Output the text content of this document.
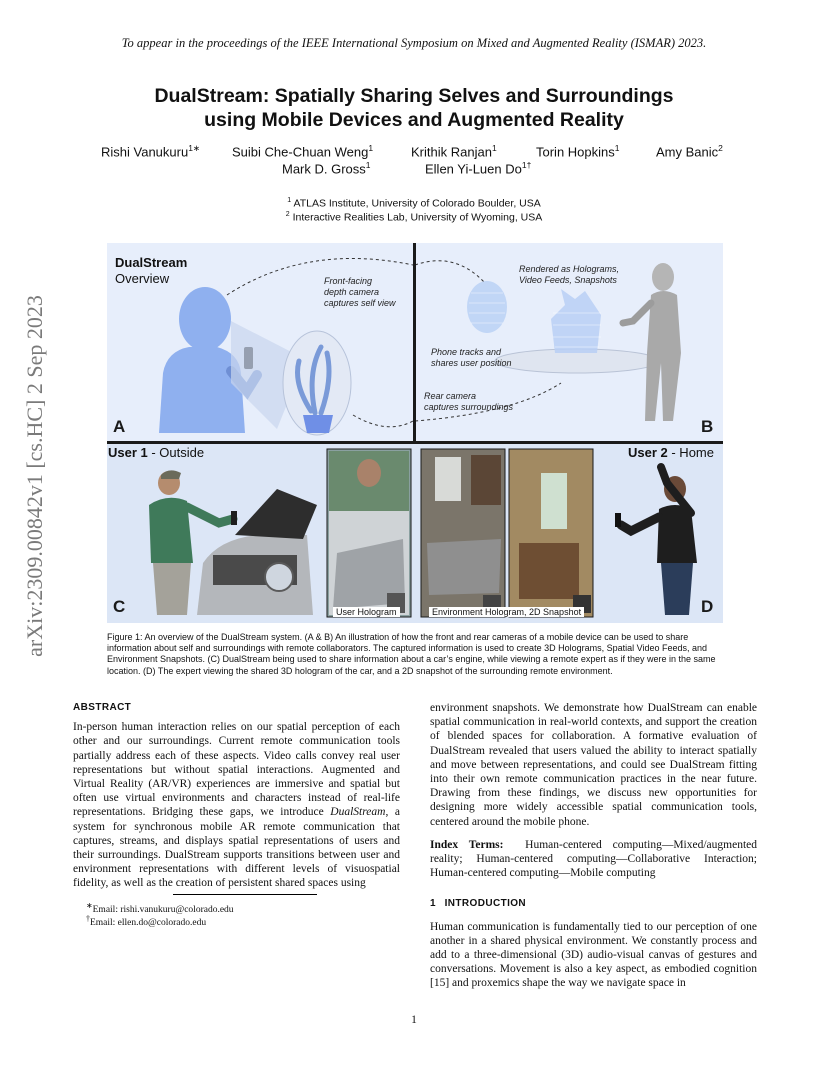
To appear in the proceedings of the IEEE International Symposium on Mixed and Augmented Reality (ISMAR) 2023.
DualStream: Spatially Sharing Selves and Surroundings
using Mobile Devices and Augmented Reality
Rishi Vanukuru$^{1∗}$ Suibi Che-Chuan Weng$^1$	Krithik Ranjan$^1$	Torin Hopkins$^1$	Amy Banic$^2$
Mark D. Gross$^1$	Ellen Yi-Luen $Do^{1\dagger}$
$^1$ ATLAS Institute, University of Colorado Boulder, USA
$^2$ Interactive Realities Lab, University of Wyoming, USA
arXiv:2309.00842v1 [cs.HC] 2 Sep 2023
DualStream
Overview	Front-facing
depth camera
captures self view
A
Rendered as Holograms,
Video Feeds, Snapshots
Phone tracks and
shares user position
Rear camera
captures surroundings
B
User 1 - Outside
C	User Hologram
User 2 - Home
D
Environment Hologram, 2D Snapshot
Figure 1: An overview of the DualStream system. (A & B) An illustration of how the front and rear cameras of a mobile device can be used to share information about self and surroundings with remote collaborators. The captured information is used to create 3D Holograms, Spatial Video Feeds, and Environment Snapshots. (C) DualStream being used to share information about a car’s engine, while viewing a remote expert as if they were in the same location. (D) The expert viewing the shared 3D hologram of the car, and a 2D snapshot of the surrounding remote environment.
ABSTRACT

In-person human interaction relies on our spatial perception of each other and our surroundings. Current remote communication tools partially address each of these aspects. Video calls convey real user representations but without spatial interactions. Augmented and Virtual Reality (AR/VR) experiences are immersive and spatial but often use virtual environments and characters instead of real-life representations. Bridging these gaps, we introduce DualStream, a system for synchronous mobile AR remote communication that captures, streams, and displays spatial representations of users and their surroundings. DualStream supports transitions between user and environment representations with different levels of visuospatial fidelity, as well as the creation of persistent shared spaces using

∗Email: rishi.vanukuru@colorado.edu
†Email: ellen.do@colorado.edu

environment snapshots. We demonstrate how DualStream can enable spatial communication in real-world contexts, and support the creation of blended spaces for collaboration. A formative evaluation of DualStream revealed that users valued the ability to interact spatially and move between representations, and could see DualStream fitting into their own remote communication practices in the near future. Drawing from these findings, we discuss new opportunities for designing more widely accessible spatial communication tools, centered around the mobile phone.

Index Terms: Human-centered computing—Mixed/augmented reality; Human-centered computing—Collaborative Interaction; Human-centered computing—Mobile computing

1 INTRODUCTION

Human communication is fundamentally tied to our perception of one another in a shared physical environment. We constantly process and add to a three-dimensional (3D) audio-visual canvas of gestures and conversations. Movement is also a key aspect, as embodied cognition [15] and proxemics shape the way we navigate space in

1
